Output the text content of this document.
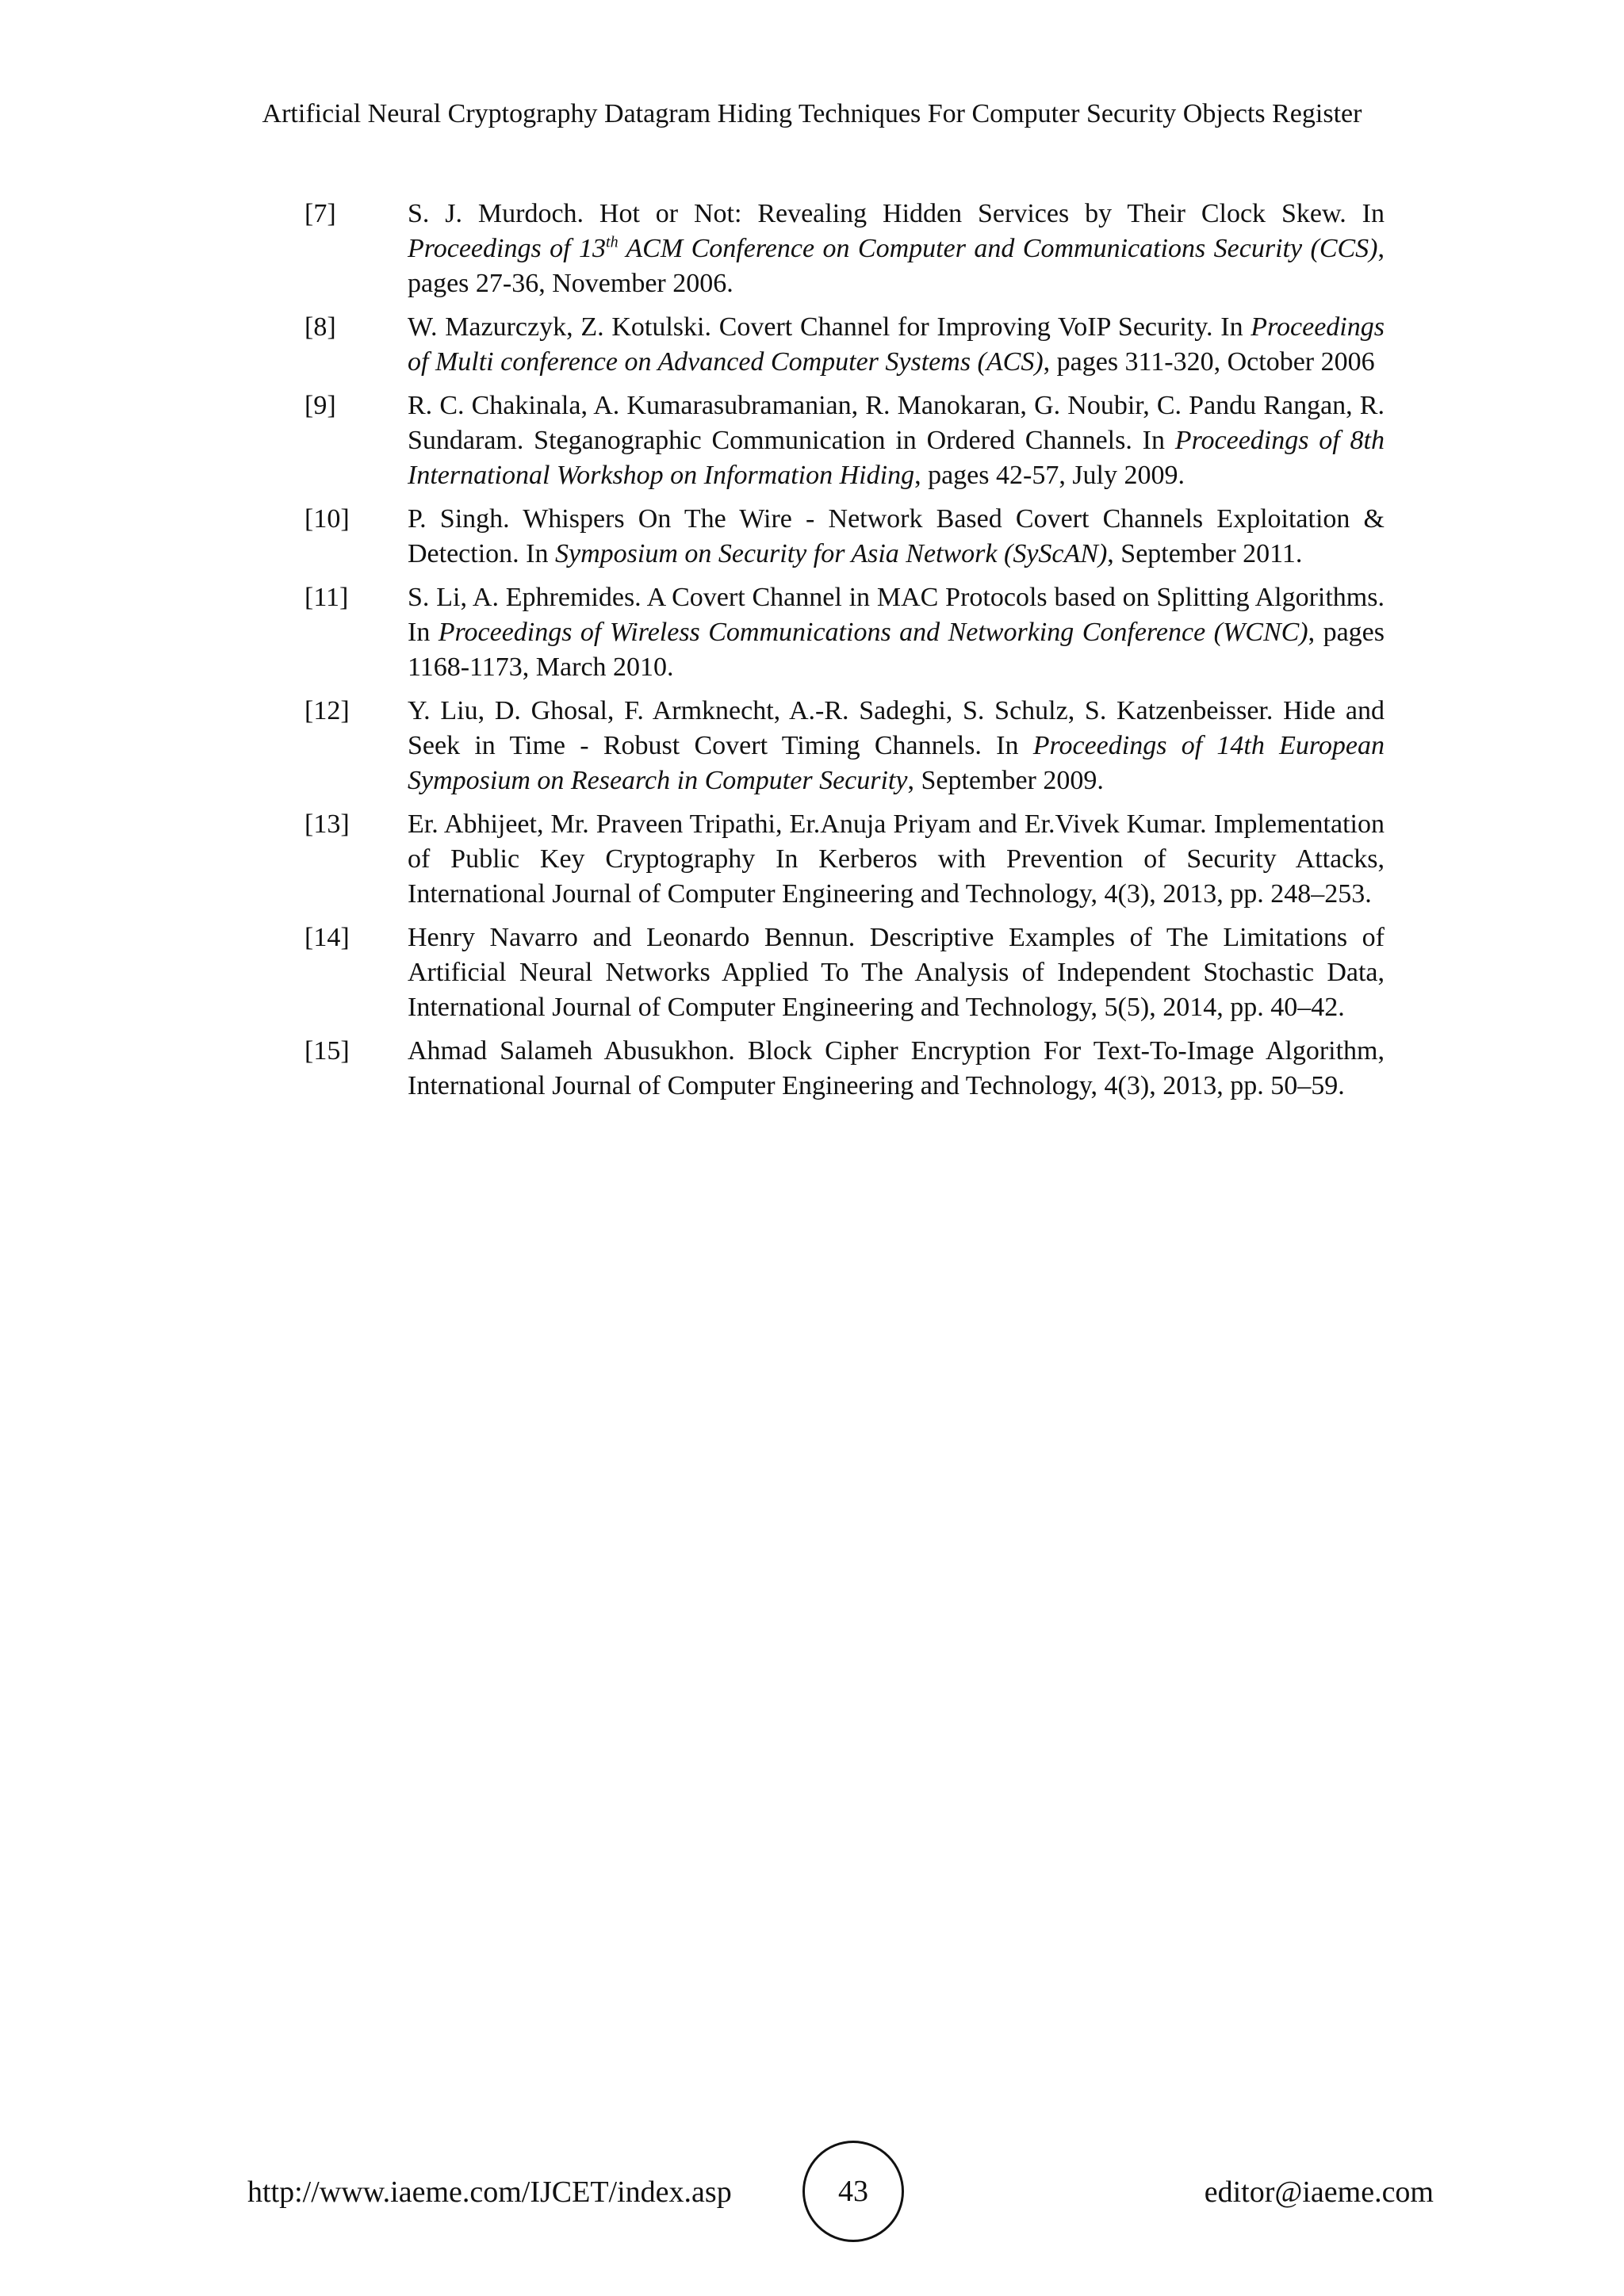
Artificial Neural Cryptography Datagram Hiding Techniques For Computer Security Objects Register
[7]	S. J. Murdoch. Hot or Not: Revealing Hidden Services by Their Clock Skew. In Proceedings of 13th ACM Conference on Computer and Communications Security (CCS), pages 27-36, November 2006.
[8]	W. Mazurczyk, Z. Kotulski. Covert Channel for Improving VoIP Security. In Proceedings of Multi conference on Advanced Computer Systems (ACS), pages 311-320, October 2006
[9]	R. C. Chakinala, A. Kumarasubramanian, R. Manokaran, G. Noubir, C. Pandu Rangan, R. Sundaram. Steganographic Communication in Ordered Channels. In Proceedings of 8th International Workshop on Information Hiding, pages 42-57, July 2009.
[10]	P. Singh. Whispers On The Wire - Network Based Covert Channels Exploitation & Detection. In Symposium on Security for Asia Network (SyScAN), September 2011.
[11]	S. Li, A. Ephremides. A Covert Channel in MAC Protocols based on Splitting Algorithms. In Proceedings of Wireless Communications and Networking Conference (WCNC), pages 1168-1173, March 2010.
[12]	Y. Liu, D. Ghosal, F. Armknecht, A.-R. Sadeghi, S. Schulz, S. Katzenbeisser. Hide and Seek in Time - Robust Covert Timing Channels. In Proceedings of 14th European Symposium on Research in Computer Security, September 2009.
[13]	Er. Abhijeet, Mr. Praveen Tripathi, Er.Anuja Priyam and Er.Vivek Kumar. Implementation of Public Key Cryptography In Kerberos with Prevention of Security Attacks, International Journal of Computer Engineering and Technology, 4(3), 2013, pp. 248–253.
[14]	Henry Navarro and Leonardo Bennun. Descriptive Examples of The Limitations of Artificial Neural Networks Applied To The Analysis of Independent Stochastic Data, International Journal of Computer Engineering and Technology, 5(5), 2014, pp. 40–42.
[15]	Ahmad Salameh Abusukhon. Block Cipher Encryption For Text-To-Image Algorithm, International Journal of Computer Engineering and Technology, 4(3), 2013, pp. 50–59.
http://www.iaeme.com/IJCET/index.asp	43	editor@iaeme.com
